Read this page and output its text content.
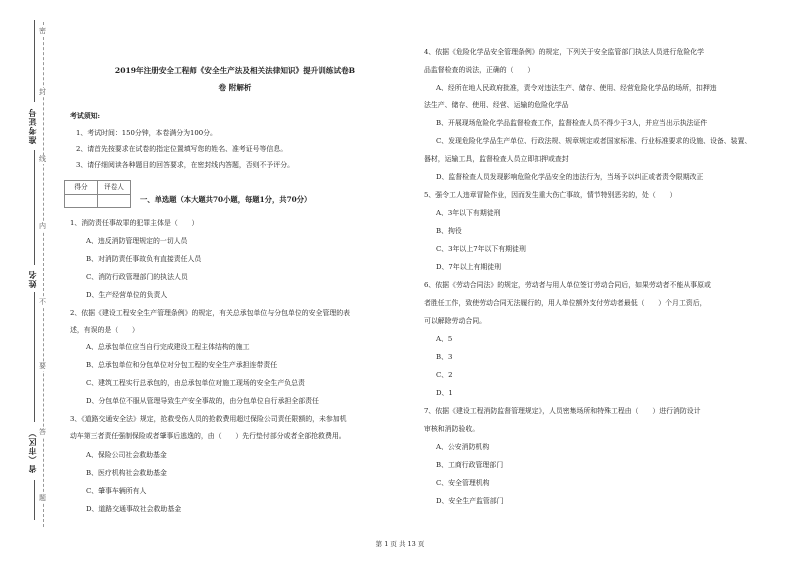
密
封
线
内
不
要
答
题
准考证号
姓名
省（市区）
2019年注册安全工程师《安全生产法及相关法律知识》提升训练试卷B
卷 附解析
考试须知:
1、考试时间：150分钟，本卷满分为100分。
2、请首先按要求在试卷的指定位置填写您的姓名、准考证号等信息。
3、请仔细阅读各种题目的回答要求，在密封线内答题，否则不予评分。
得分	评卷人
一、单选题（本大题共70小题，每题1分，共70分）
1、消防责任事故罪的犯罪主体是（　　）
A、违反消防管理规定的一切人员
B、对消防责任事故负有直接责任人员
C、消防行政管理部门的执法人员
D、生产经营单位的负责人
2、依据《建设工程安全生产管理条例》的规定，有关总承包单位与分包单位的安全管理的表
述，有误的是（　　）
A、总承包单位应当自行完成建设工程主体结构的施工
B、总承包单位和分包单位对分包工程的安全生产承担连带责任
C、建筑工程实行总承包的，由总承包单位对施工现场的安全生产负总责
D、分包单位不服从管理导致生产安全事故的，由分包单位自行承担全部责任
3、《道路交通安全法》规定，抢救受伤人员的抢救费用超过保险公司责任限额的，未参加机
动车第三者责任强制保险或者肇事后逃逸的，由（　　）先行垫付部分或者全部抢救费用。
A、保险公司社会救助基金
B、医疗机构社会救助基金
C、肇事车辆所有人
D、道路交通事故社会救助基金
4、依据《危险化学品安全管理条例》的规定，下列关于安全监管部门执法人员进行危险化学
品监督检查的说法，正确的（　　）
A、经所在地人民政府批准，责令对违法生产、储存、使用、经营危险化学品的场所，扣押违
法生产、储存、使用、经营、运输的危险化学品
B、开展现场危险化学品监督检查工作，监督检查人员不得少于3人，并应当出示执法证件
C、发现危险化学品生产单位、行政法规、规章规定或者国家标准、行业标准要求的设施、设备、装置、
器材，运输工具，监督检查人员立即扣押或查封
D、监督检查人员发现影响危险化学品安全的违法行为，当场予以纠正或者责令限期改正
5、强令工人违章冒险作业，因而发生重大伤亡事故，情节特别恶劣的，处（　　）
A、3年以下有期徒刑
B、拘役
C、3年以上7年以下有期徒刑
D、7年以上有期徒刑
6、依据《劳动合同法》的规定，劳动者与用人单位签订劳动合同后，如果劳动者不能从事原或
者胜任工作，致使劳动合同无法履行的，用人单位额外支付劳动者最低（　　）个月工资后，
可以解除劳动合同。
A、5
B、3
C、2
D、1
7、依据《建设工程消防监督管理规定》，人员密集场所和特殊工程由（　　）进行消防设计
审核和消防验收。
A、公安消防机构
B、工商行政管理部门
C、安全管理机构
D、安全生产监管部门
第 1 页 共 13 页
